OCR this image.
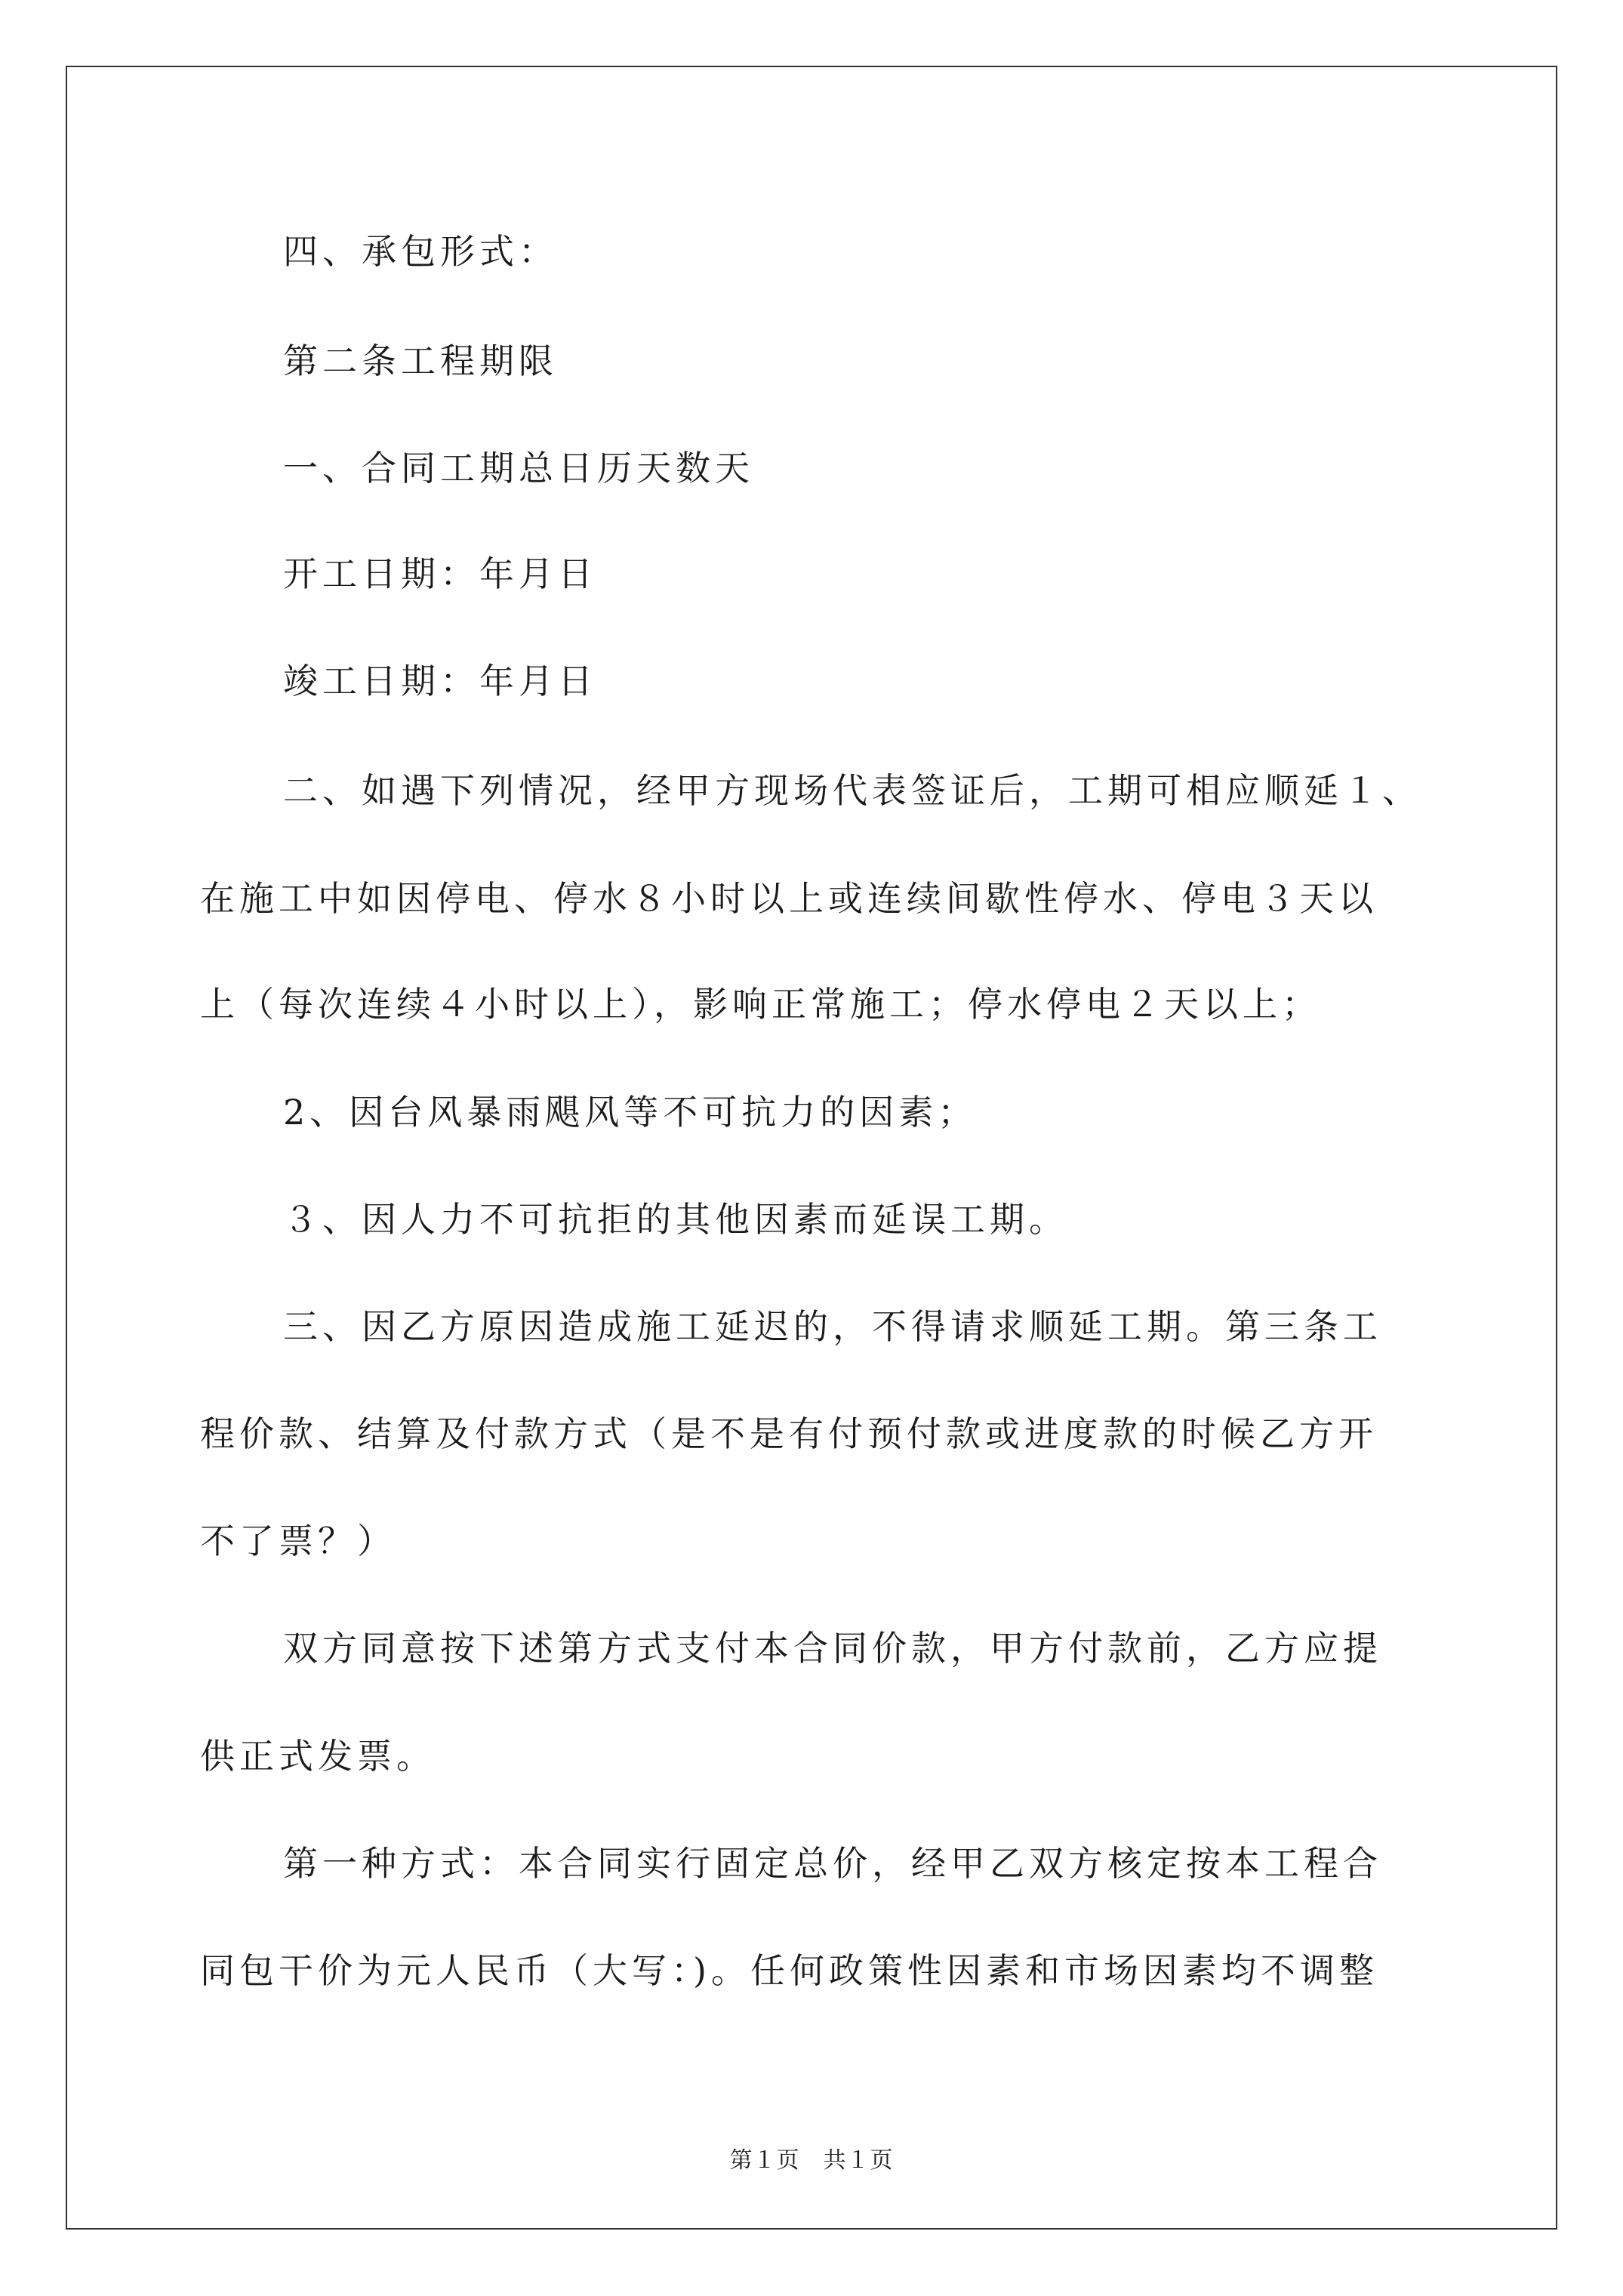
四、承包形式：

第二条工程期限

一、合同工期总日历天数天

开工日期：年月日

竣工日期：年月日

二、如遇下列情况，经甲方现场代表签证后，工期可相应顺延１、

在施工中如因停电、停水８小时以上或连续间歇性停水、停电３天以

上（每次连续４小时以上），影响正常施工；停水停电２天以上；

2、因台风暴雨飓风等不可抗力的因素；

３、因人力不可抗拒的其他因素而延误工期。

三、因乙方原因造成施工延迟的，不得请求顺延工期。第三条工

程价款、结算及付款方式（是不是有付预付款或进度款的时候乙方开

不了票？）

双方同意按下述第方式支付本合同价款，甲方付款前，乙方应提

供正式发票。

第一种方式：本合同实行固定总价，经甲乙双方核定按本工程合

同包干价为元人民币（大写：)。任何政策性因素和市场因素均不调整

第１页　共１页
